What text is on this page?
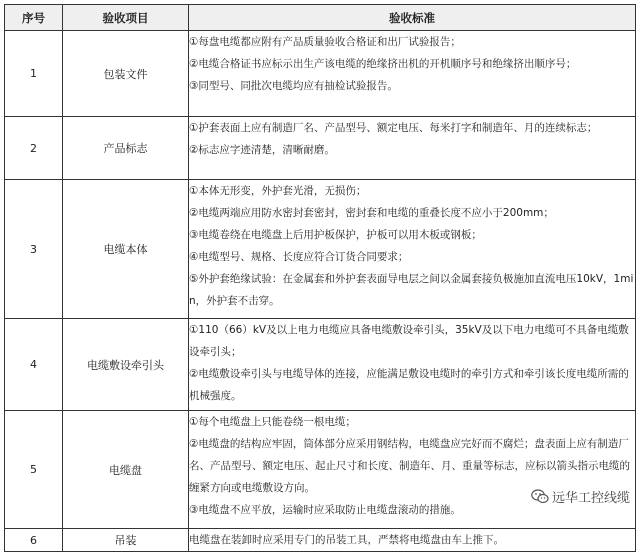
序号	验收项目	验收标准
1	包装文件	①每盘电缆都应附有产品质量验收合格证和出厂试验报告；

②电缆合格证书应标示出生产该电缆的绝缘挤出机的开机顺序号和绝缘挤出顺序号；

③同型号、同批次电缆均应有抽检试验报告。

2	产品标志	①护套表面上应有制造厂名、产品型号、额定电压、每米打字和制造年、月的连续标志；

②标志应字迹清楚，清晰耐磨。

3	电缆本体	①本体无形变，外护套光滑，无损伤；

②电缆两端应用防水密封套密封，密封套和电缆的重叠长度不应小于200mm；

③电缆卷绕在电缆盘上后用护板保护，护板可以用木板或钢板；

④电缆型号、规格、长度应符合订货合同要求；

⑤外护套绝缘试验：在金属套和外护套表面导电层之间以金属套接负极施加直流电压10kV，1min，外护套不击穿。

4	电缆敷设牵引头	①110（66）kV及以上电力电缆应具备电缆敷设牵引头，35kV及以下电力电缆可不具备电缆敷设牵引头；

②电缆敷设牵引头与电缆导体的连接，应能满足敷设电缆时的牵引方式和牵引该长度电缆所需的机械强度。

5	电缆盘	①每个电缆盘上只能卷绕一根电缆；

②电缆盘的结构应牢固，筒体部分应采用钢结构，电缆盘应完好而不腐烂；盘表面上应有制造厂名、产品型号、额定电压、起止尺寸和长度、制造年、月、重量等标志，应标以箭头指示电缆的缠紧方向或电缆敷设方向。

③电缆盘不应平放，运输时应采取防止电缆盘滚动的措施。

6	吊装	电缆盘在装卸时应采用专门的吊装工具，严禁将电缆盘由车上推下。

远华工控线缆
